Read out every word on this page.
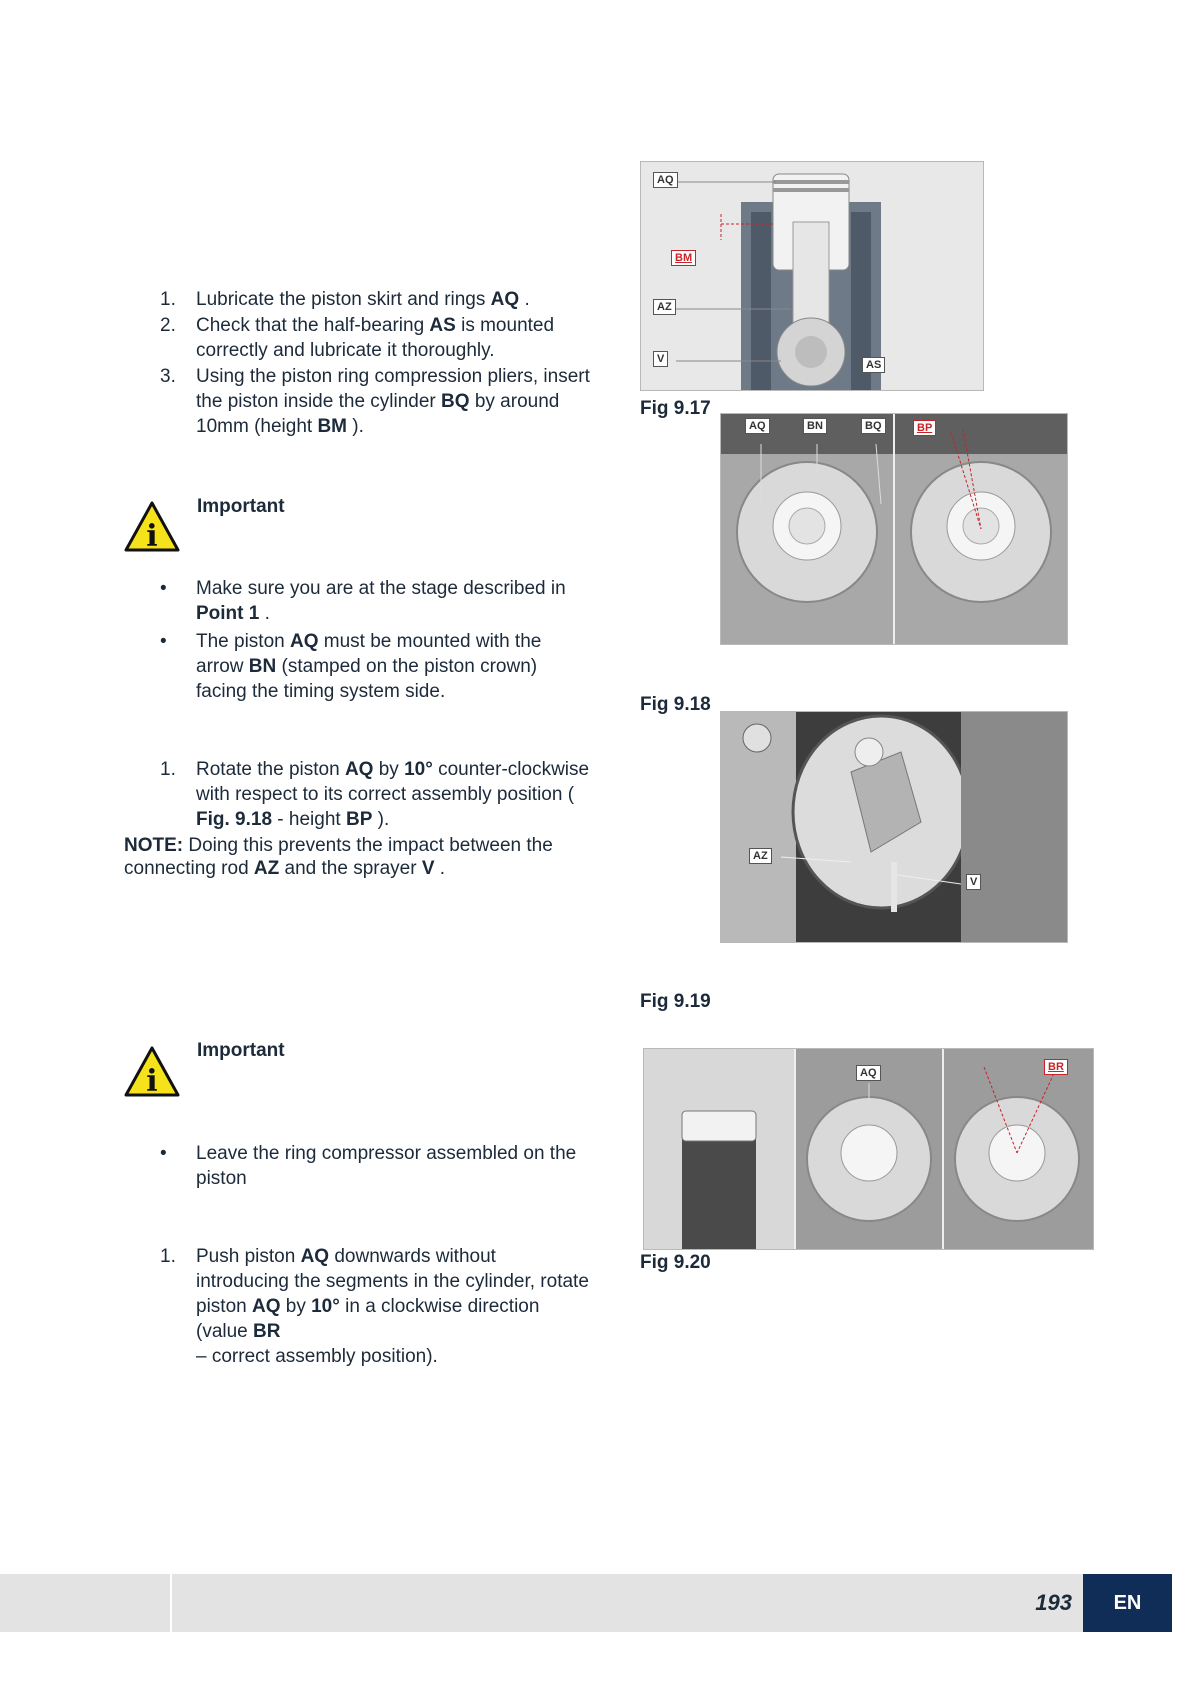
1. Lubricate the piston skirt and rings AQ .
2. Check that the half-bearing AS is mounted
correctly and lubricate it thoroughly.
3. Using the piston ring compression pliers, insert
the piston inside the cylinder BQ by around
10mm (height BM ).
i
Important
• Make sure you are at the stage described in
Point 1 .
• The piston AQ must be mounted with the
arrow BN (stamped on the piston crown)
facing the timing system side.
1. Rotate the piston AQ by 10° counter-clockwise
with respect to its correct assembly position (
Fig. 9.18 - height BP ).
NOTE: Doing this prevents the impact between the
connecting rod AZ and the sprayer V .
i
Important
• Leave the ring compressor assembled on the
piston
1. Push piston AQ downwards without
introducing the segments in the cylinder, rotate
piston AQ by 10° in a clockwise direction
(value BR
– correct assembly position).
AQ
BM
AZ
V	AS
Fig 9.17
AQ	BN	BQ	BP
Fig 9.18
AZ
V
Fig 9.19
AQ	BR
Fig 9.20
193	EN
